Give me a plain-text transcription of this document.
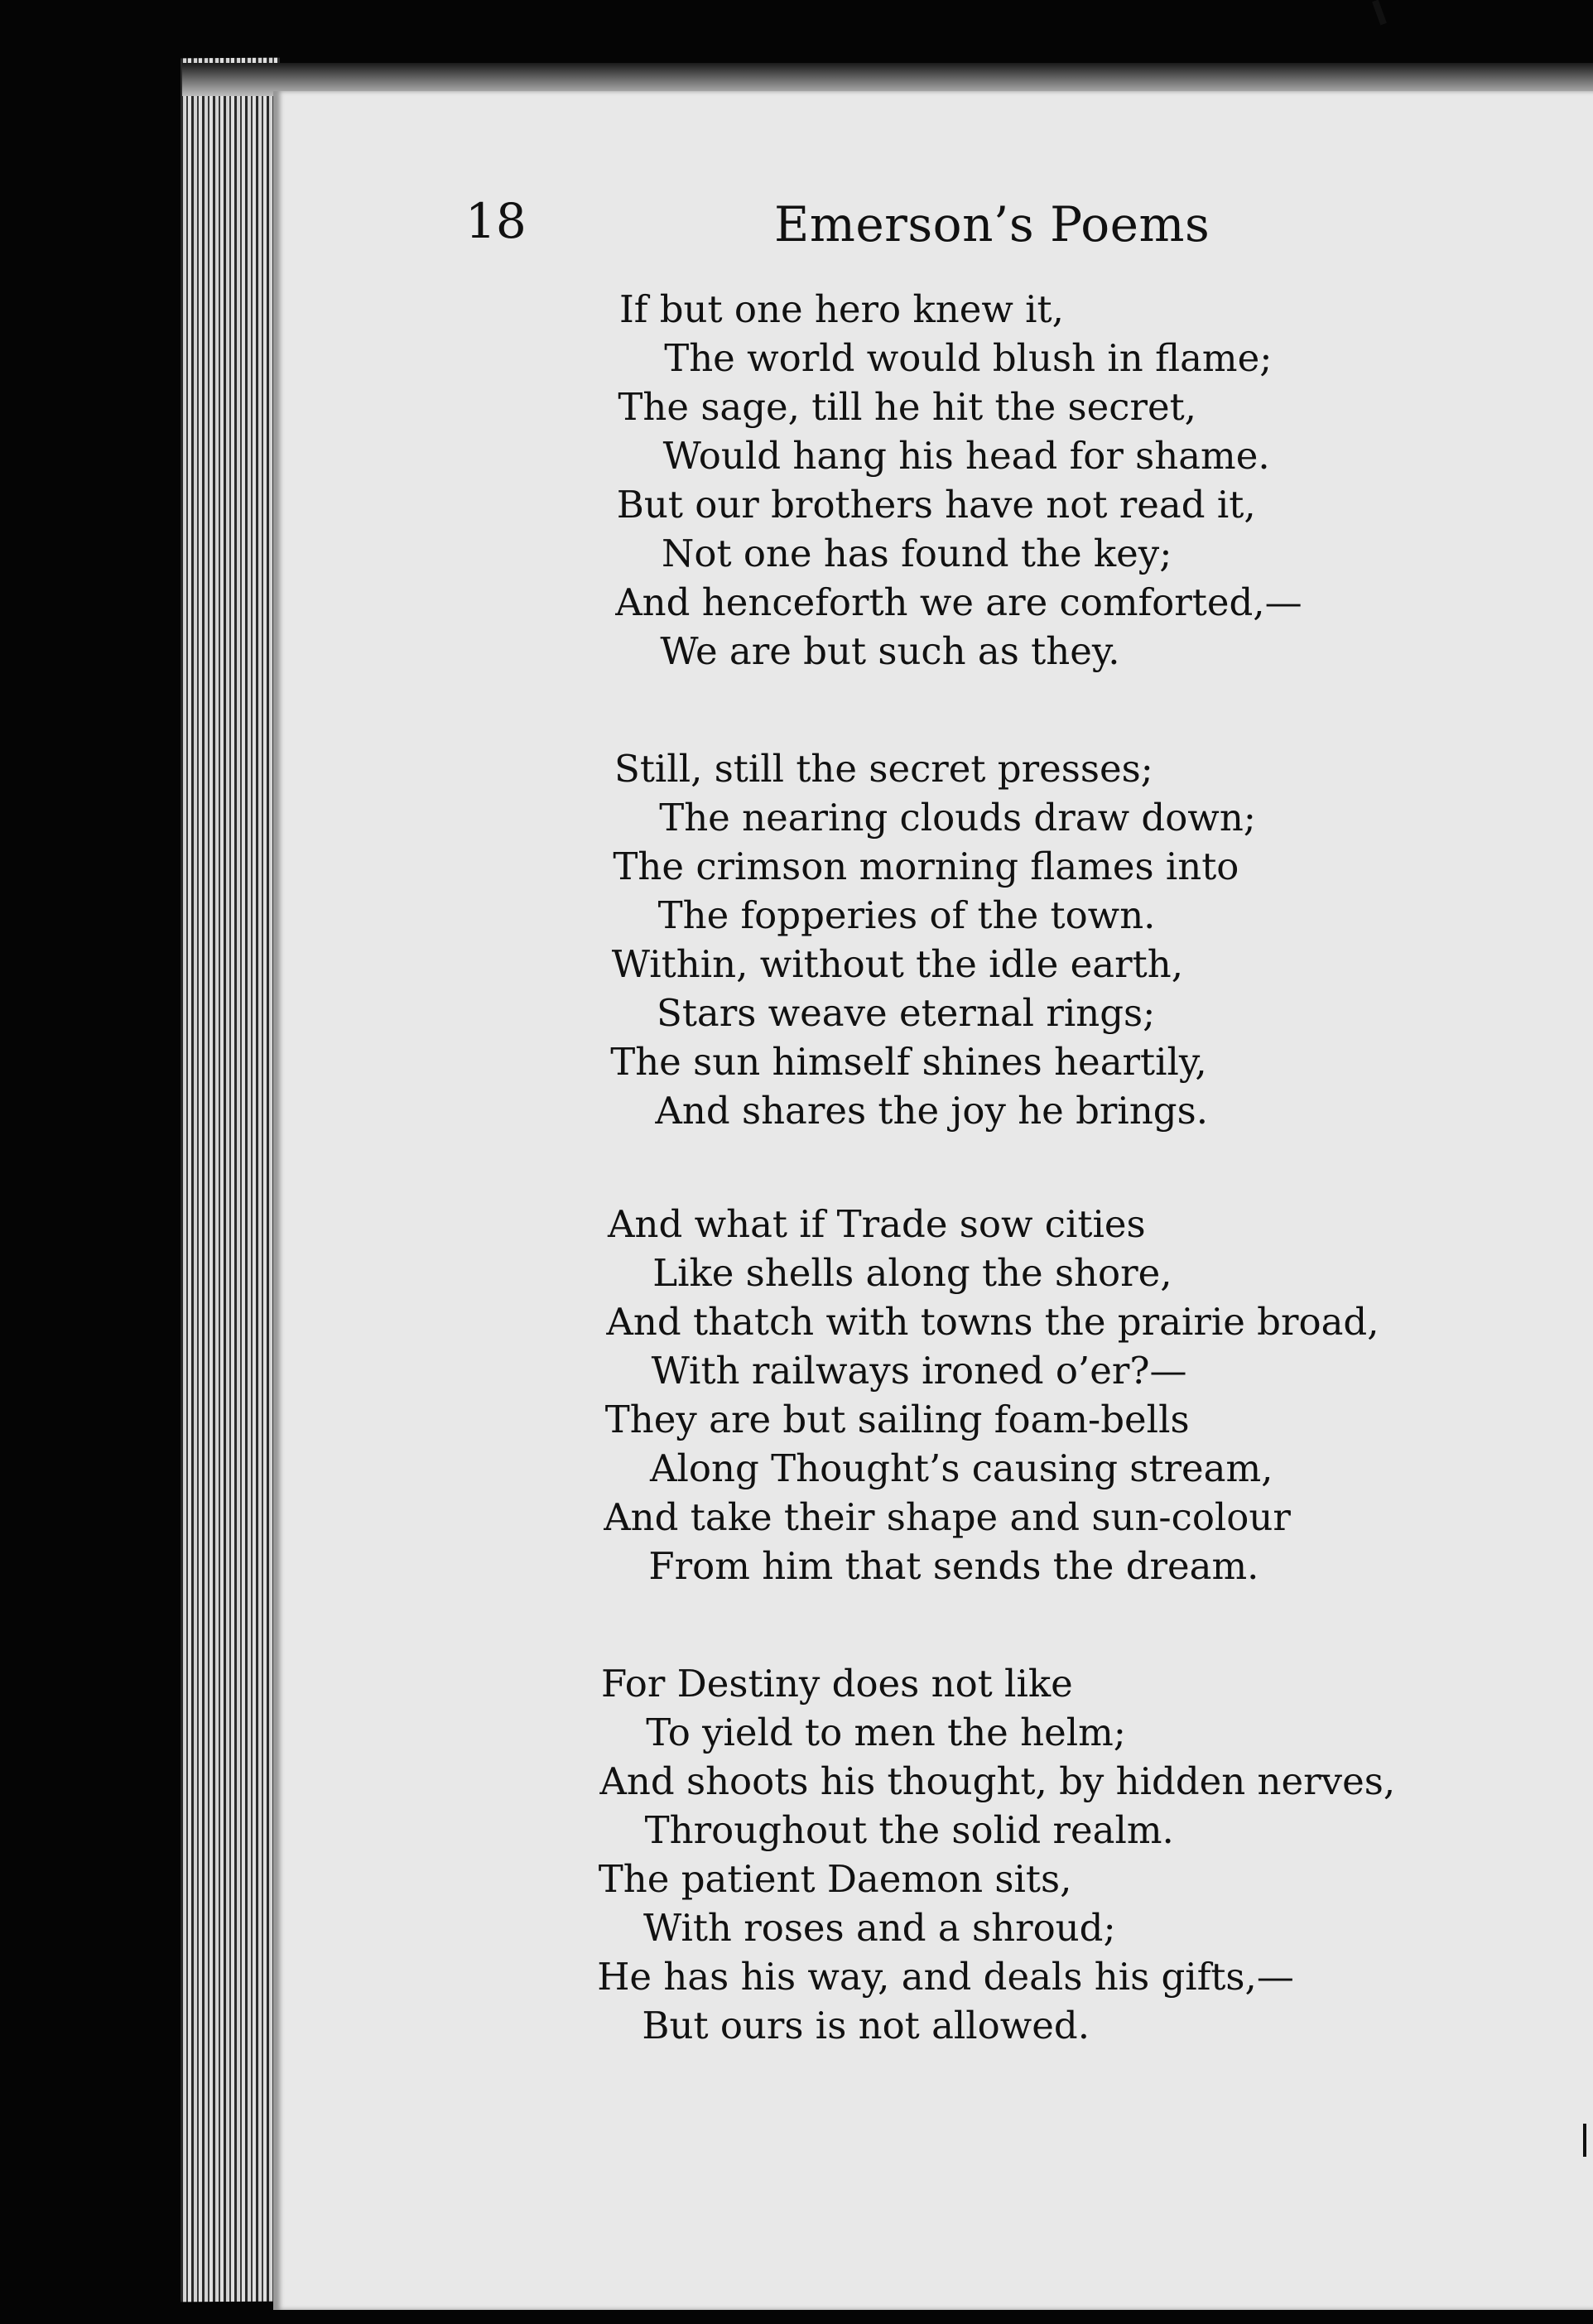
18	Emerson’s Poems
If but one hero knew it,
The world would blush in flame;
The sage, till he hit the secret,
Would hang his head for shame.
But our brothers have not read it,
Not one has found the key;
And henceforth we are comforted,—
We are but such as they.
Still, still the secret presses;
The nearing clouds draw down;
The crimson morning flames into
The fopperies of the town.
Within, without the idle earth,
Stars weave eternal rings;
The sun himself shines heartily,
And shares the joy he brings.
And what if Trade sow cities
Like shells along the shore,
And thatch with towns the prairie broad,
With railways ironed o’er?—
They are but sailing foam-bells
Along Thought’s causing stream,
And take their shape and sun-colour
From him that sends the dream.
For Destiny does not like
To yield to men the helm;
And shoots his thought, by hidden nerves,
Throughout the solid realm.
The patient Daemon sits,
With roses and a shroud;
He has his way, and deals his gifts,—
But ours is not allowed.
